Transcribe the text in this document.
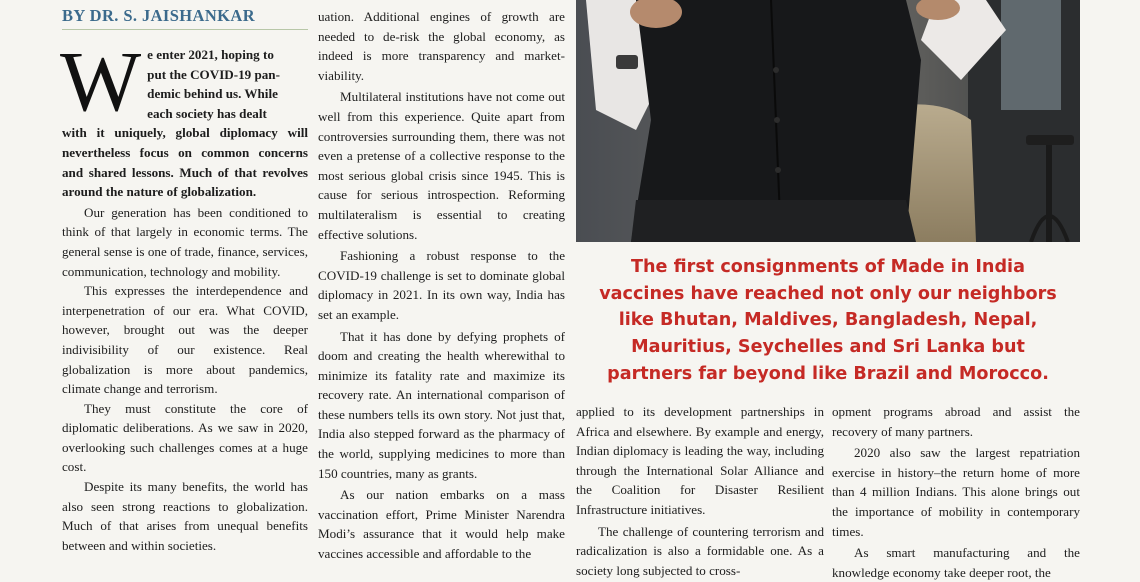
BY DR. S. JAISHANKAR

W e enter 2021, hoping to
put the COVID-19 pan-
demic behind us. While
each society has dealt
with it uniquely, global diplomacy will nevertheless focus on common concerns and shared lessons. Much of that revolves around the nature of globalization.

Our generation has been conditioned to think of that largely in economic terms. The general sense is one of trade, finance, services, communication, technology and mobility.

This expresses the interdependence and interpenetration of our era. What COVID, however, brought out was the deeper indivisibility of our existence. Real globalization is more about pandemics, climate change and terrorism.

They must constitute the core of diplomatic deliberations. As we saw in 2020, overlooking such challenges comes at a huge cost.

Despite its many benefits, the world has also seen strong reactions to globalization. Much of that arises from unequal benefits between and within societies.

uation. Additional engines of growth are needed to de-risk the global economy, as indeed is more transparency and market-viability.

Multilateral institutions have not come out well from this experience. Quite apart from controversies surrounding them, there was not even a pretense of a collective response to the most serious global crisis since 1945. This is cause for serious introspection. Reforming multilateralism is essential to creating effective solutions.

Fashioning a robust response to the COVID-19 challenge is set to dominate global diplomacy in 2021. In its own way, India has set an example.

That it has done by defying prophets of doom and creating the health wherewithal to minimize its fatality rate and maximize its recovery rate. An international comparison of these numbers tells its own story. Not just that, India also stepped forward as the pharmacy of the world, supplying medicines to more than 150 countries, many as grants.

As our nation embarks on a mass vaccination effort, Prime Minister Narendra Modi’s assurance that it would help make vaccines accessible and affordable to the

The first consignments of Made in India
vaccines have reached not only our neighbors
like Bhutan, Maldives, Bangladesh, Nepal,
Mauritius, Seychelles and Sri Lanka but
partners far beyond like Brazil and Morocco.

applied to its development partnerships in Africa and elsewhere. By example and energy, Indian diplomacy is leading the way, including through the International Solar Alliance and the Coalition for Disaster Resilient Infrastructure initiatives.

The challenge of countering terrorism and radicalization is also a formidable one. As a society long subjected to cross-

opment programs abroad and assist the recovery of many partners.

2020 also saw the largest repatriation exercise in history–the return home of more than 4 million Indians. This alone brings out the importance of mobility in contemporary times.

As smart manufacturing and the knowledge economy take deeper root, the
